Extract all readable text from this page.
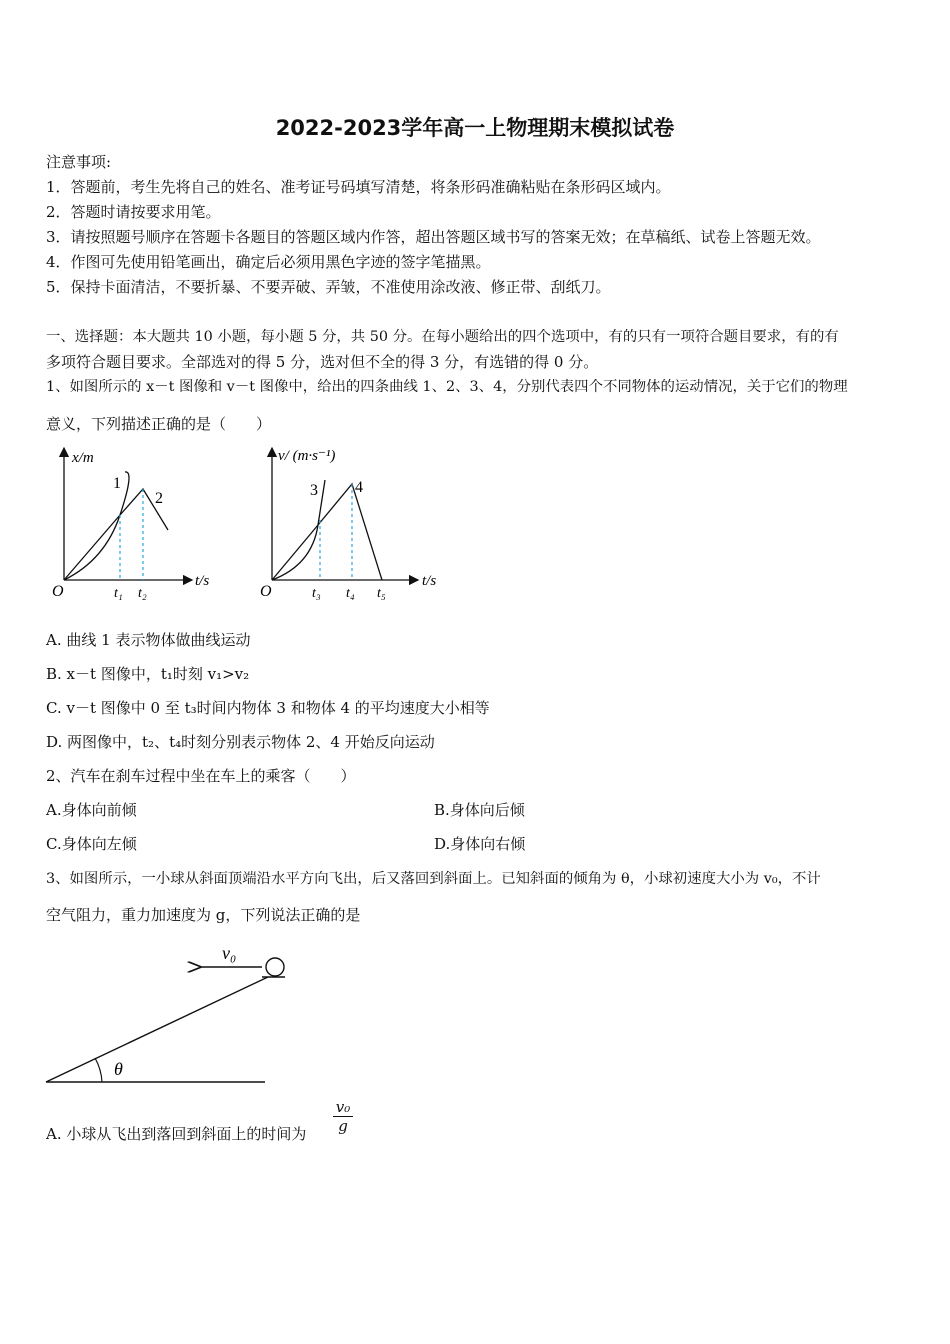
2022-2023学年高一上物理期末模拟试卷
注意事项:
1．答题前，考生先将自己的姓名、准考证号码填写清楚，将条形码准确粘贴在条形码区域内。
2．答题时请按要求用笔。
3．请按照题号顺序在答题卡各题目的答题区域内作答，超出答题区域书写的答案无效；在草稿纸、试卷上答题无效。
4．作图可先使用铅笔画出，确定后必须用黑色字迹的签字笔描黑。
5．保持卡面清洁，不要折暴、不要弄破、弄皱，不准使用涂改液、修正带、刮纸刀。
一、选择题：本大题共 10 小题，每小题 5 分，共 50 分。在每小题给出的四个选项中，有的只有一项符合题目要求，有的有
多项符合题目要求。全部选对的得 5 分，选对但不全的得 3 分，有选错的得 0 分。
1、如图所示的 x－t 图像和 v－t 图像中，给出的四条曲线 1、2、3、4，分别代表四个不同物体的运动情况，关于它们的物理
意义，下列描述正确的是（　　）
x/m
t/s
O
1
2
t₁ t₂
v/ (m·s⁻¹)
t/s
O
3 4
t₃ t₄ t₅
A. 曲线 1 表示物体做曲线运动
B. x－t 图像中，t₁时刻 v₁>v₂
C. v－t 图像中 0 至 t₃时间内物体 3 和物体 4 的平均速度大小相等
D. 两图像中，t₂、t₄时刻分别表示物体 2、4 开始反向运动
2、汽车在刹车过程中坐在车上的乘客（　　）
A.身体向前倾	B.身体向后倾
C.身体向左倾	D.身体向右倾
3、如图所示，一小球从斜面顶端沿水平方向飞出，后又落回到斜面上。已知斜面的倾角为 θ，小球初速度大小为 v₀，不计
空气阻力，重力加速度为 g，下列说法正确的是
v₀
θ
A. 小球从飞出到落回到斜面上的时间为 $\frac{\text{v₀}}{g}$
